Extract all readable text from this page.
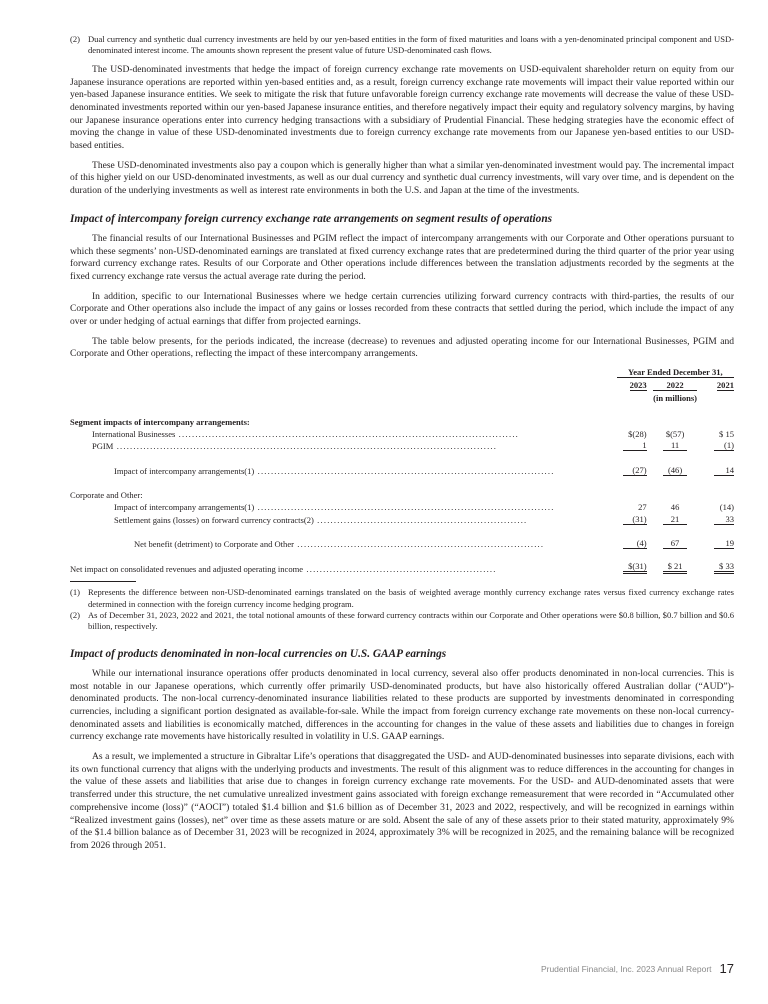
(2) Dual currency and synthetic dual currency investments are held by our yen-based entities in the form of fixed maturities and loans with a yen-denominated principal component and USD-denominated interest income. The amounts shown represent the present value of future USD-denominated cash flows.

The USD-denominated investments that hedge the impact of foreign currency exchange rate movements on USD-equivalent shareholder return on equity from our Japanese insurance operations are reported within yen-based entities and, as a result, foreign currency exchange rate movements will impact their value reported within our yen-based Japanese insurance entities. We seek to mitigate the risk that future unfavorable foreign currency exchange rate movements will decrease the value of these USD-denominated investments reported within our yen-based Japanese insurance entities, and therefore negatively impact their equity and regulatory solvency margins, by having our Japanese insurance operations enter into currency hedging transactions with a subsidiary of Prudential Financial. These hedging strategies have the economic effect of moving the change in value of these USD-denominated investments due to foreign currency exchange rate movements from our Japanese yen-based entities to our USD-based entities.

These USD-denominated investments also pay a coupon which is generally higher than what a similar yen-denominated investment would pay. The incremental impact of this higher yield on our USD-denominated investments, as well as our dual currency and synthetic dual currency investments, will vary over time, and is dependent on the duration of the underlying investments as well as interest rate environments in both the U.S. and Japan at the time of the investments.

Impact of intercompany foreign currency exchange rate arrangements on segment results of operations

The financial results of our International Businesses and PGIM reflect the impact of intercompany arrangements with our Corporate and Other operations pursuant to which these segments’ non-USD-denominated earnings are translated at fixed currency exchange rates that are predetermined during the third quarter of the prior year using forward currency exchange rates. Results of our Corporate and Other operations include differences between the translation adjustments recorded by the segments at the fixed currency exchange rate versus the actual average rate during the period.

In addition, specific to our International Businesses where we hedge certain currencies utilizing forward currency contracts with third-parties, the results of our Corporate and Other operations also include the impact of any gains or losses recorded from these contracts that settled during the period, which include the impact of any over or under hedging of actual earnings that differ from projected earnings.

The table below presents, for the periods indicated, the increase (decrease) to revenues and adjusted operating income for our International Businesses, PGIM and Corporate and Other operations, reflecting the impact of these intercompany arrangements.

	Year Ended December 31,		
	2023	2022	2021
		(in millions)	

Segment impacts of intercompany arrangements:			
International Businesses ......................................................................................................	$(28)	$(57)	$ 15
PGIM ..................................................................................................................	1	11	(1)

Impact of intercompany arrangements(1) .........................................................................................	(27)	(46)	14

Corporate and Other:			
Impact of intercompany arrangements(1) .........................................................................................	27	46	(14)
Settlement gains (losses) on forward currency contracts(2) ...............................................................	(31)	21	33

Net benefit (detriment) to Corporate and Other ..........................................................................	(4)	67	19

Net impact on consolidated revenues and adjusted operating income .........................................................	$(31)	$ 21	$ 33
(1) Represents the difference between non-USD-denominated earnings translated on the basis of weighted average monthly currency exchange rates versus fixed currency exchange rates determined in connection with the foreign currency income hedging program.
(2) As of December 31, 2023, 2022 and 2021, the total notional amounts of these forward currency contracts within our Corporate and Other operations were $0.8 billion, $0.7 billion and $0.6 billion, respectively.
Impact of products denominated in non-local currencies on U.S. GAAP earnings

While our international insurance operations offer products denominated in local currency, several also offer products denominated in non-local currencies. This is most notable in our Japanese operations, which currently offer primarily USD-denominated products, but have also historically offered Australian dollar (“AUD”)-denominated products. The non-local currency-denominated insurance liabilities related to these products are supported by investments denominated in corresponding currencies, including a significant portion designated as available-for-sale. While the impact from foreign currency exchange rate movements on these non-local currency-denominated assets and liabilities is economically matched, differences in the accounting for changes in the value of these assets and liabilities due to changes in foreign currency exchange rate movements have historically resulted in volatility in U.S. GAAP earnings.

As a result, we implemented a structure in Gibraltar Life’s operations that disaggregated the USD- and AUD-denominated businesses into separate divisions, each with its own functional currency that aligns with the underlying products and investments. The result of this alignment was to reduce differences in the accounting for changes in the value of these assets and liabilities that arise due to changes in foreign currency exchange rate movements. For the USD- and AUD-denominated assets that were transferred under this structure, the net cumulative unrealized investment gains associated with foreign exchange remeasurement that were recorded in “Accumulated other comprehensive income (loss)” (“AOCI”) totaled $1.4 billion and $1.6 billion as of December 31, 2023 and 2022, respectively, and will be recognized in earnings within “Realized investment gains (losses), net” over time as these assets mature or are sold. Absent the sale of any of these assets prior to their stated maturity, approximately 9% of the $1.4 billion balance as of December 31, 2023 will be recognized in 2024, approximately 3% will be recognized in 2025, and the remaining balance will be recognized from 2026 through 2051.

Prudential Financial, Inc. 2023 Annual Report 17
